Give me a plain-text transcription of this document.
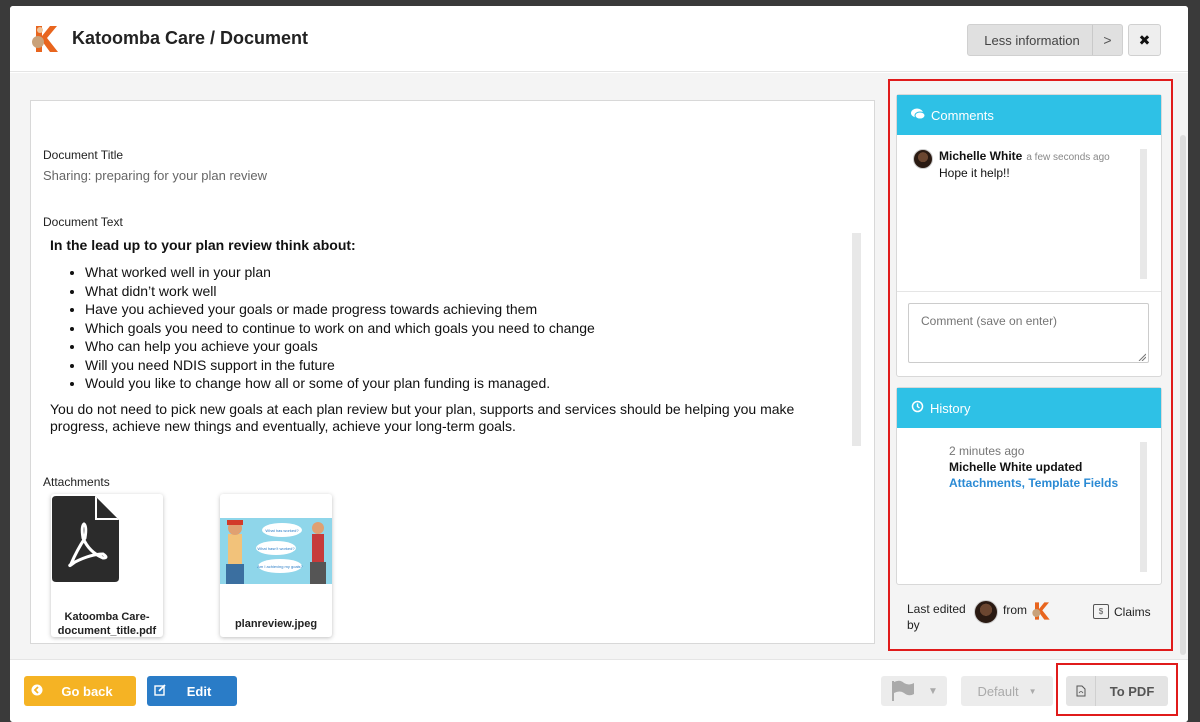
Katoomba Care / Document	Less information	>	✖
Document Title
Sharing: preparing for your plan review
Document Text
In the lead up to your plan review think about:
• What worked well in your plan
• What didn’t work well
• Have you achieved your goals or made progress towards achieving them
• Which goals you need to continue to work on and which goals you need to change
• Who can help you achieve your goals
• Will you need NDIS support in the future
• Would you like to change how all or some of your plan funding is managed.
You do not need to pick new goals at each plan review but your plan, supports and services should be helping you make progress, achieve new things and eventually, achieve your long-term goals.
Attachments
Katoomba Care-document_title.pdf
What has worked?
What hasn't worked?
Am I achieving my goals?
planreview.jpeg
Comments
Michelle White a few seconds ago
Hope it help!!
Comment (save on enter)
History
2 minutes ago
Michelle White updated
Attachments, Template Fields
Last edited by
from	$ Claims
Go back	Edit	▼	Default ▼	To PDF
